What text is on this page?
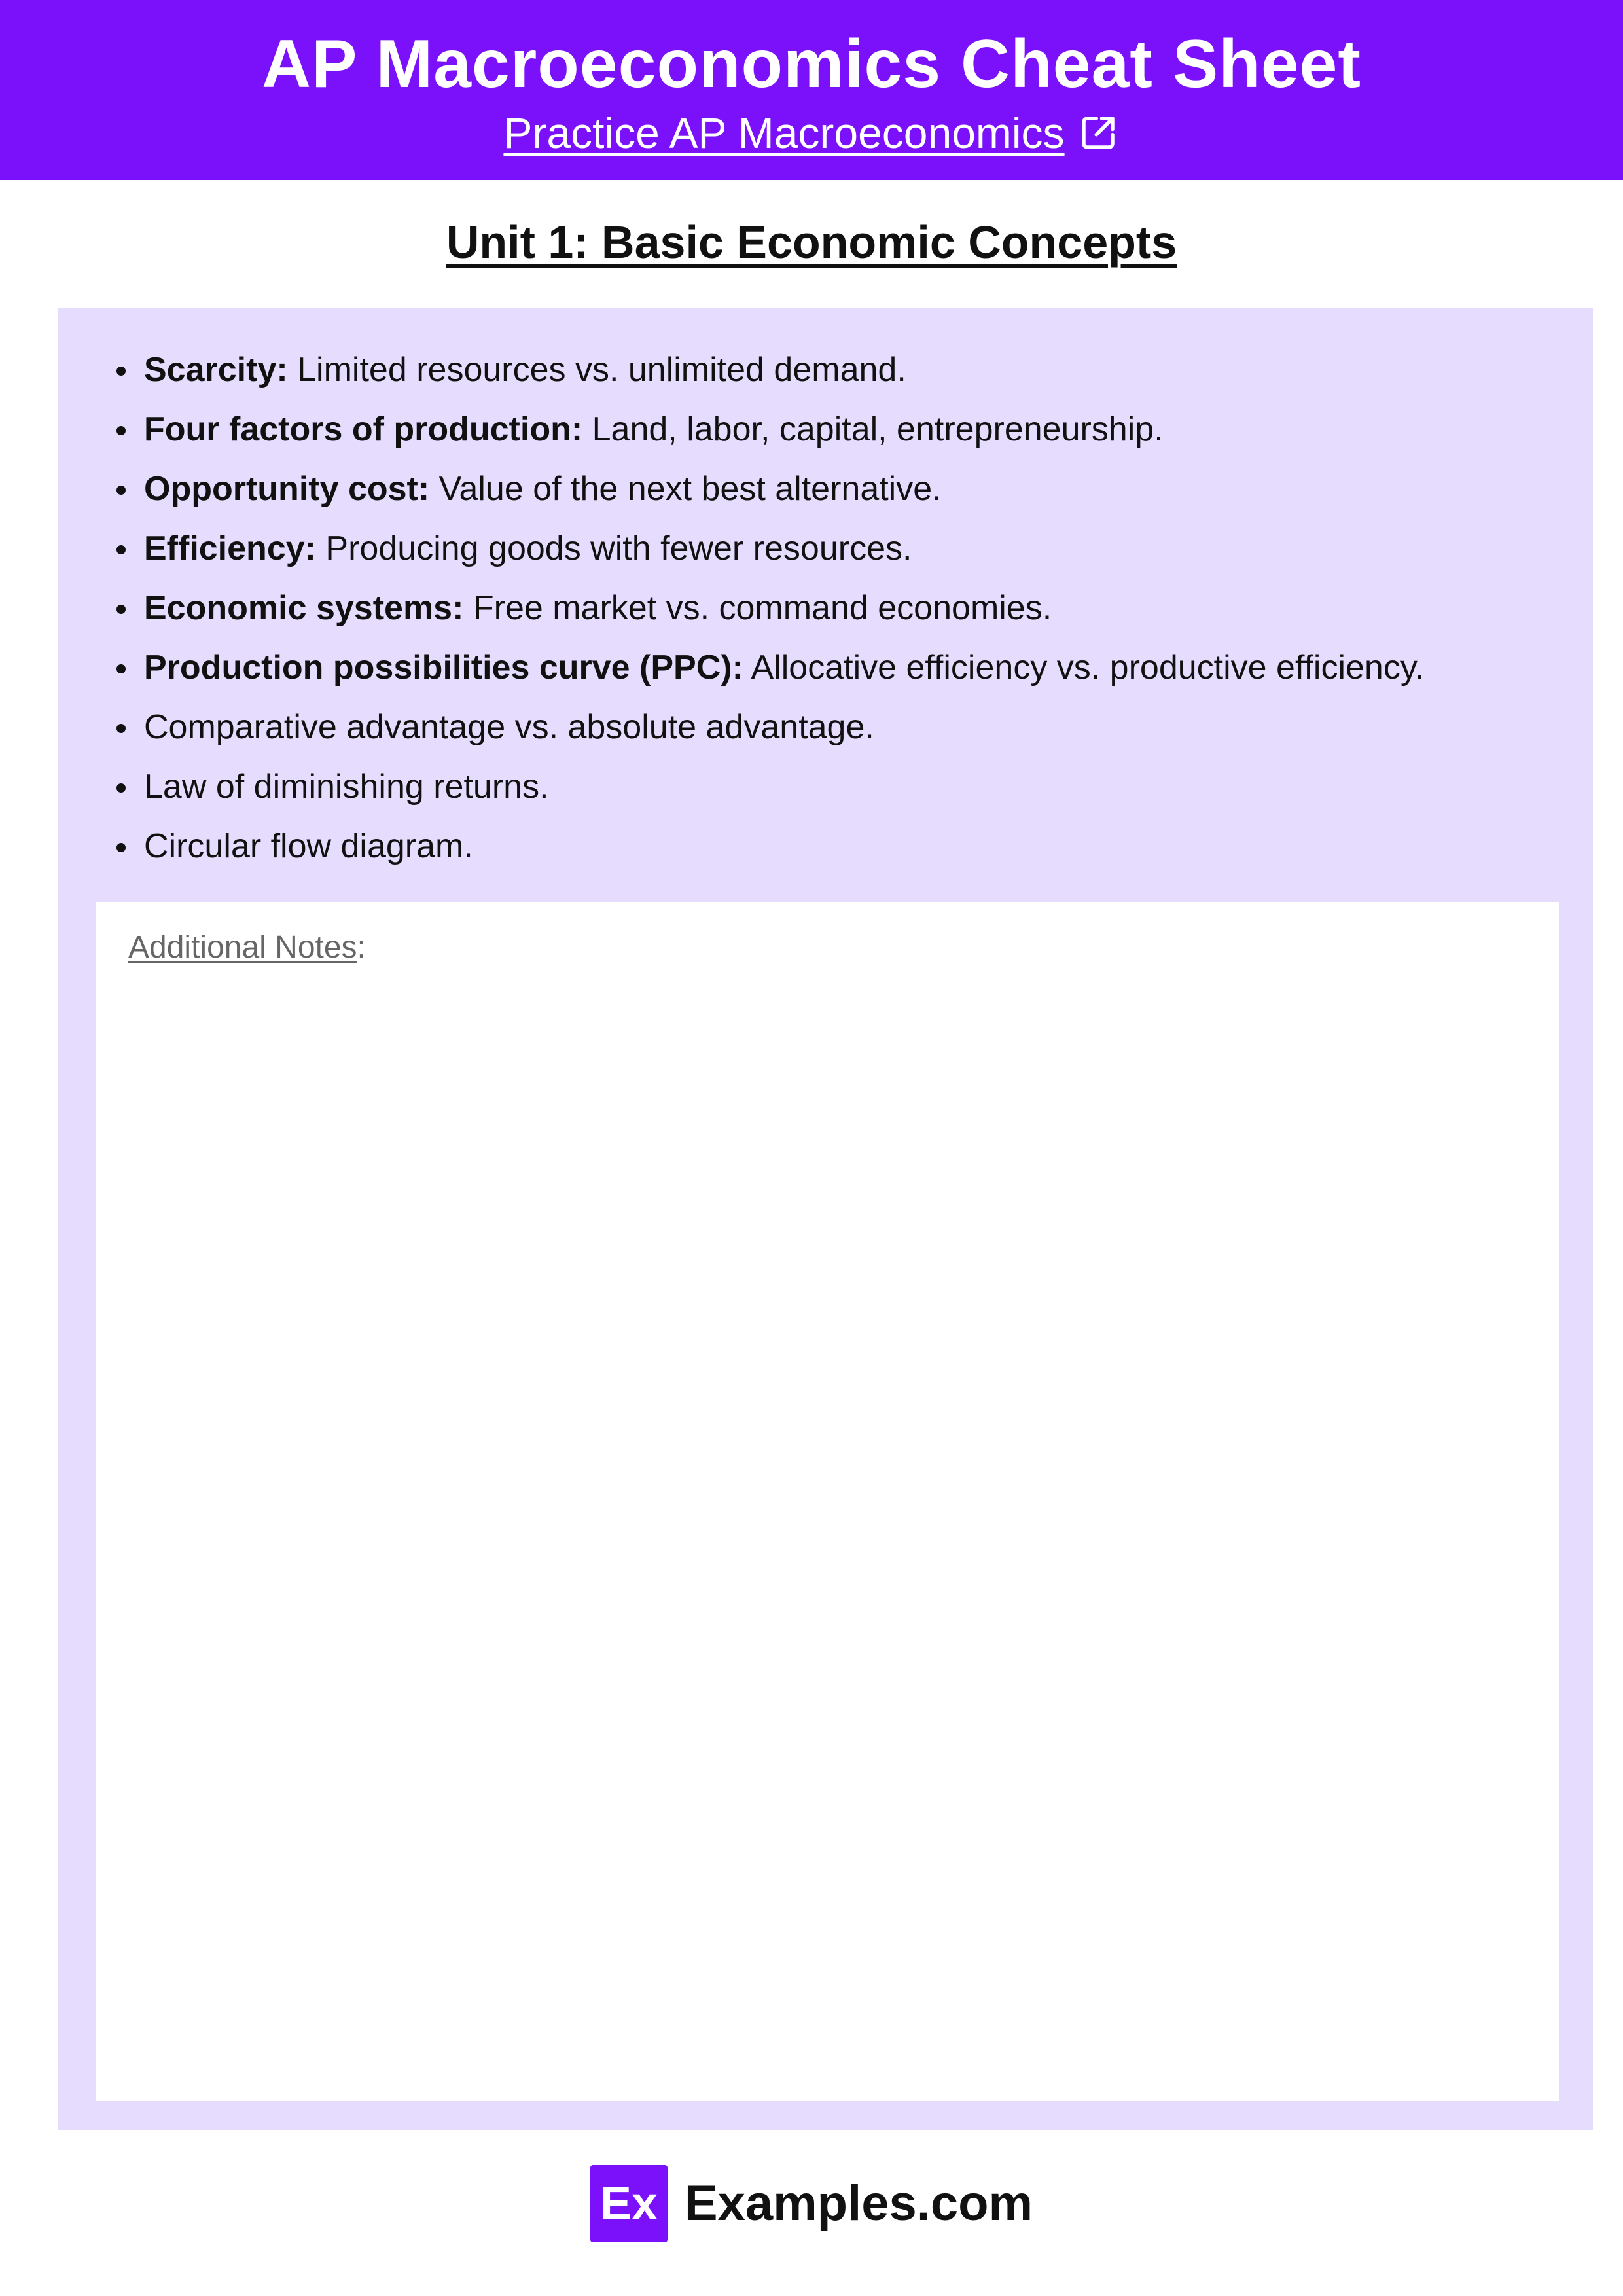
AP Macroeconomics Cheat Sheet
Practice AP Macroeconomics
Unit 1: Basic Economic Concepts
Scarcity: Limited resources vs. unlimited demand.
Four factors of production: Land, labor, capital, entrepreneurship.
Opportunity cost: Value of the next best alternative.
Efficiency: Producing goods with fewer resources.
Economic systems: Free market vs. command economies.
Production possibilities curve (PPC): Allocative efficiency vs. productive efficiency.
Comparative advantage vs. absolute advantage.
Law of diminishing returns.
Circular flow diagram.
Additional Notes:
Ex Examples.com
